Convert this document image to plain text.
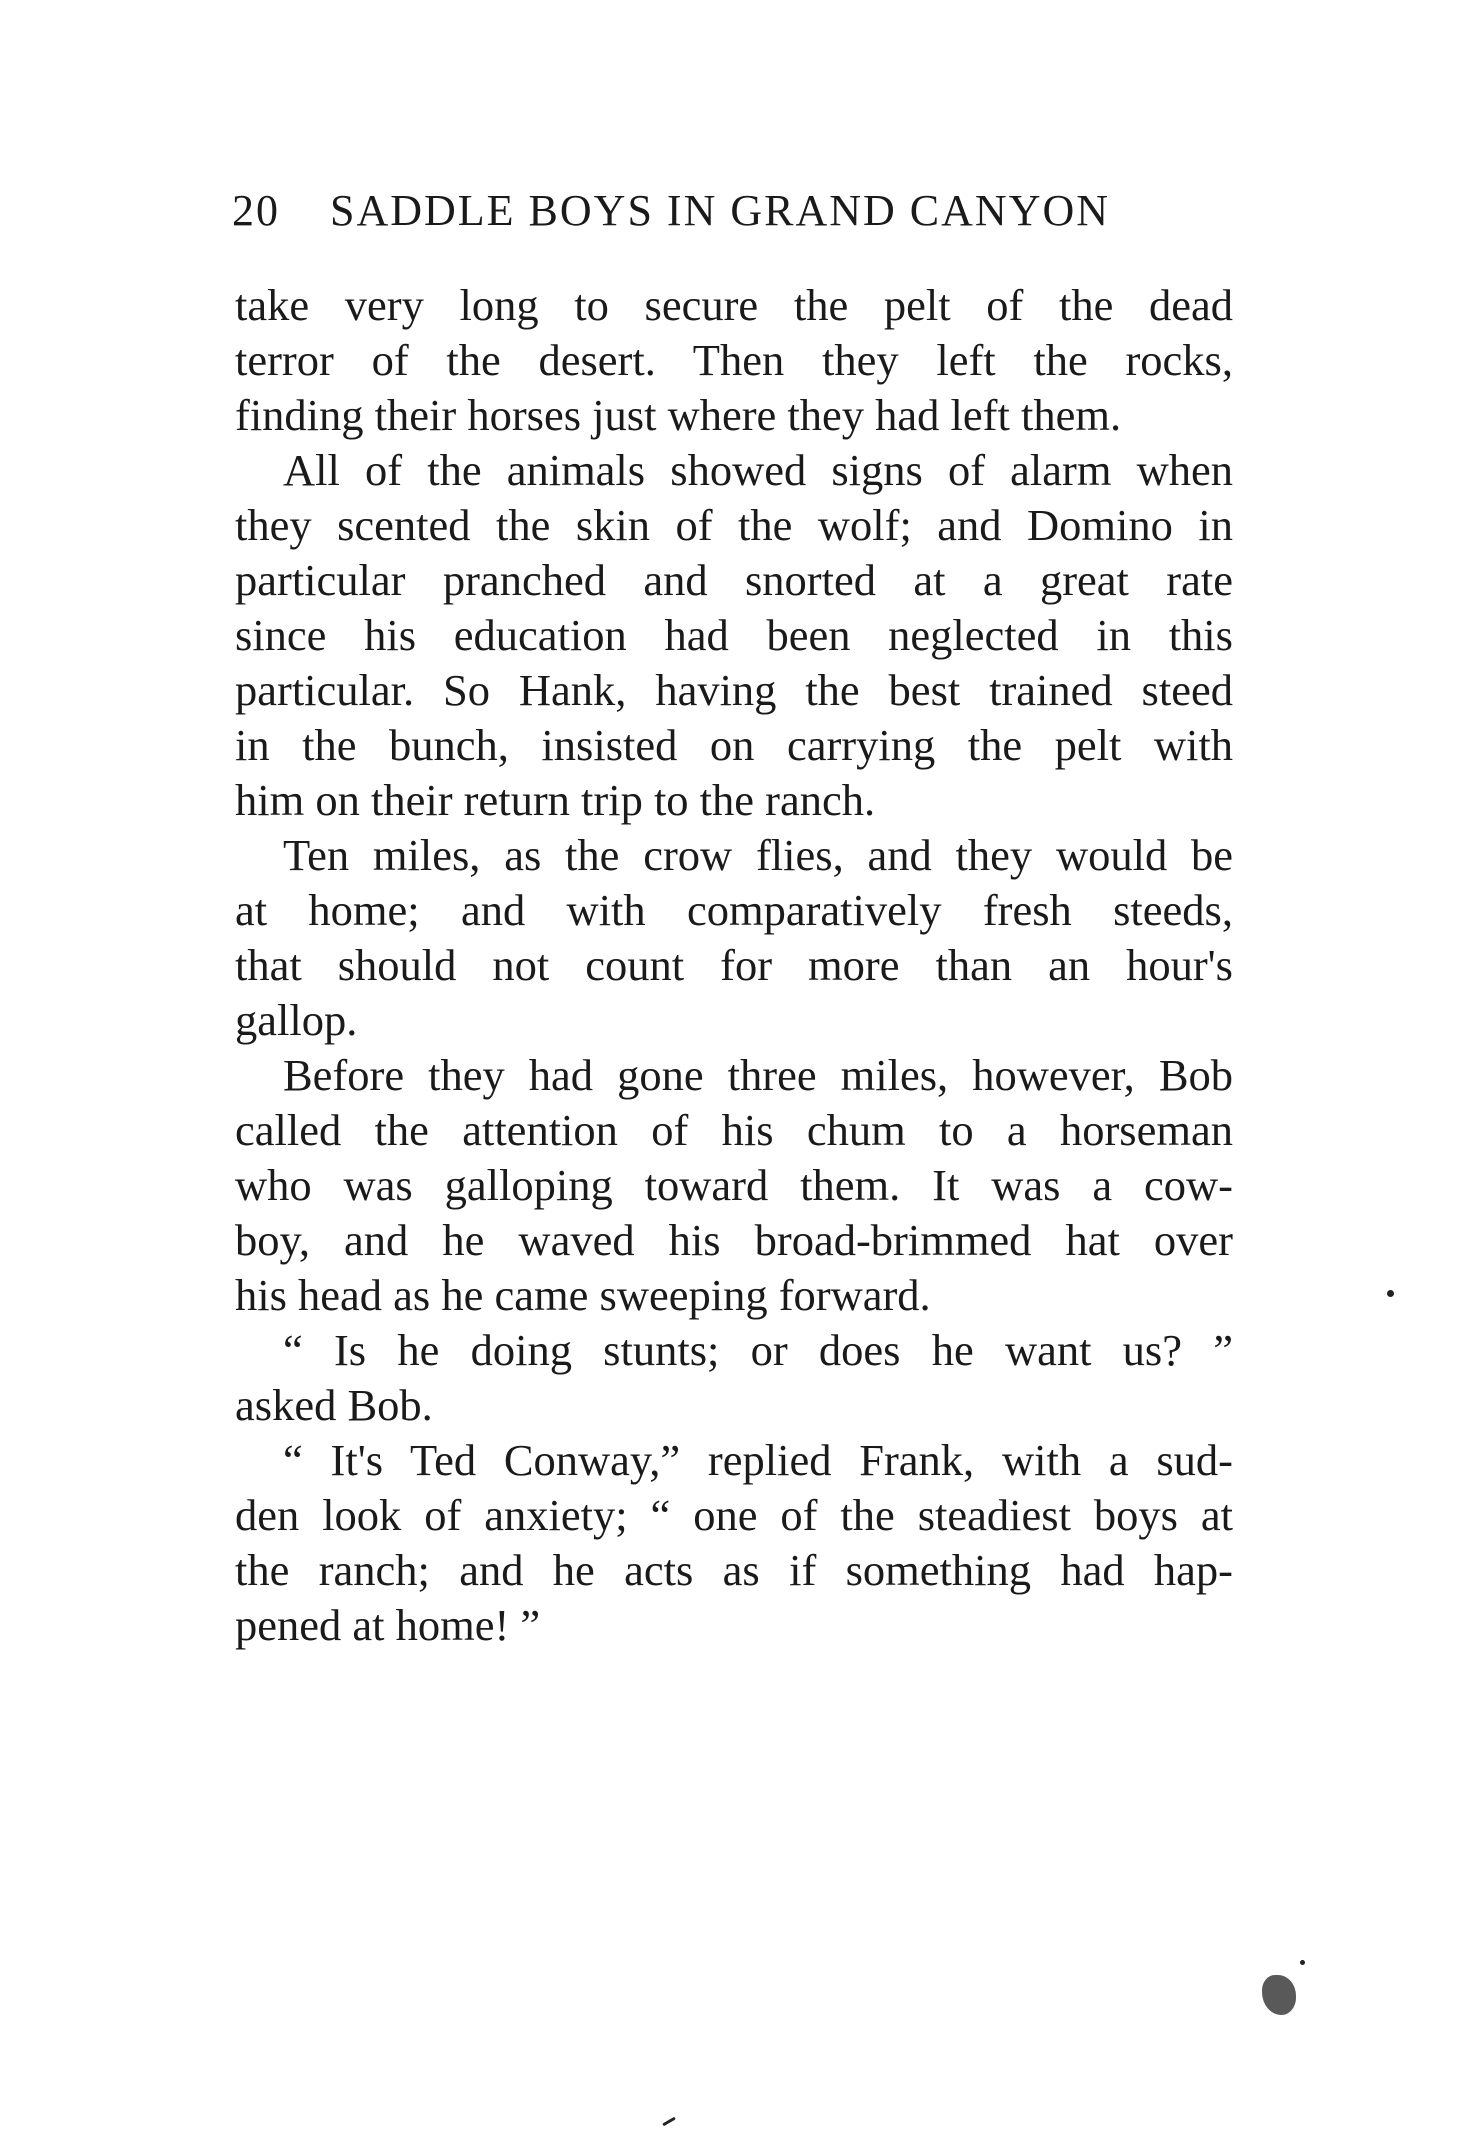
20 SADDLE BOYS IN GRAND CANYON
take very long to secure the pelt of the dead
terror of the desert. Then they left the rocks,
finding their horses just where they had left them.
All of the animals showed signs of alarm when
they scented the skin of the wolf; and Domino in
particular pranched and snorted at a great rate
since his education had been neglected in this
particular. So Hank, having the best trained steed
in the bunch, insisted on carrying the pelt with
him on their return trip to the ranch.
Ten miles, as the crow flies, and they would be
at home; and with comparatively fresh steeds,
that should not count for more than an hour's
gallop.
Before they had gone three miles, however, Bob
called the attention of his chum to a horseman
who was galloping toward them. It was a cow-
boy, and he waved his broad-brimmed hat over
his head as he came sweeping forward.
“ Is he doing stunts; or does he want us? ”
asked Bob.
“ It's Ted Conway,” replied Frank, with a sud-
den look of anxiety; “ one of the steadiest boys at
the ranch; and he acts as if something had hap-
pened at home! ”
